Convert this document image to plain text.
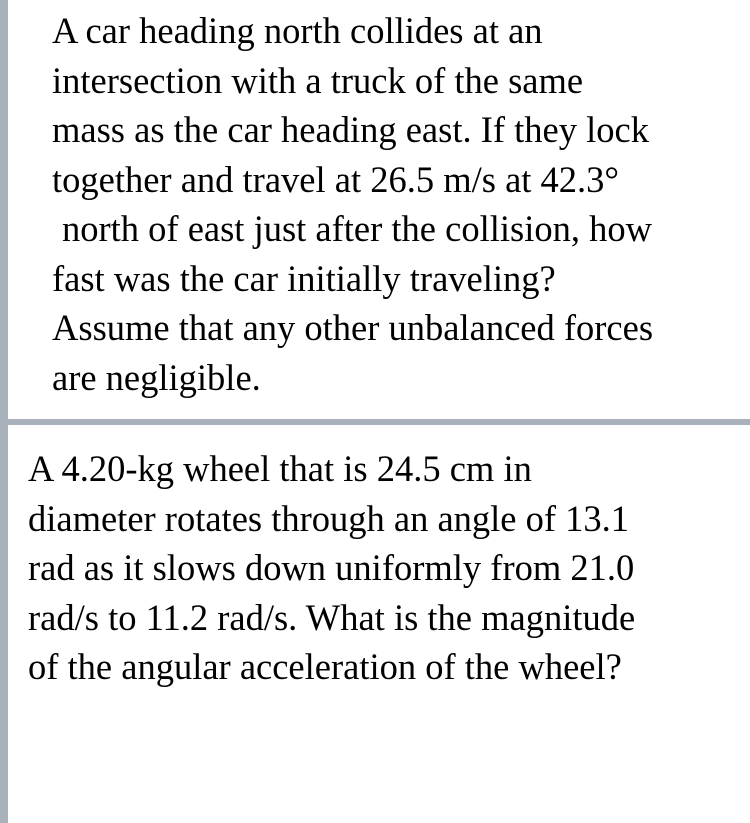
A car heading north collides at an
intersection with a truck of the same
mass as the car heading east. If they lock
together and travel at 26.5 m/s at 42.3°
north of east just after the collision, how
fast was the car initially traveling?
Assume that any other unbalanced forces
are negligible.

A 4.20-kg wheel that is 24.5 cm in
diameter rotates through an angle of 13.1
rad as it slows down uniformly from 21.0
rad/s to 11.2 rad/s. What is the magnitude
of the angular acceleration of the wheel?
